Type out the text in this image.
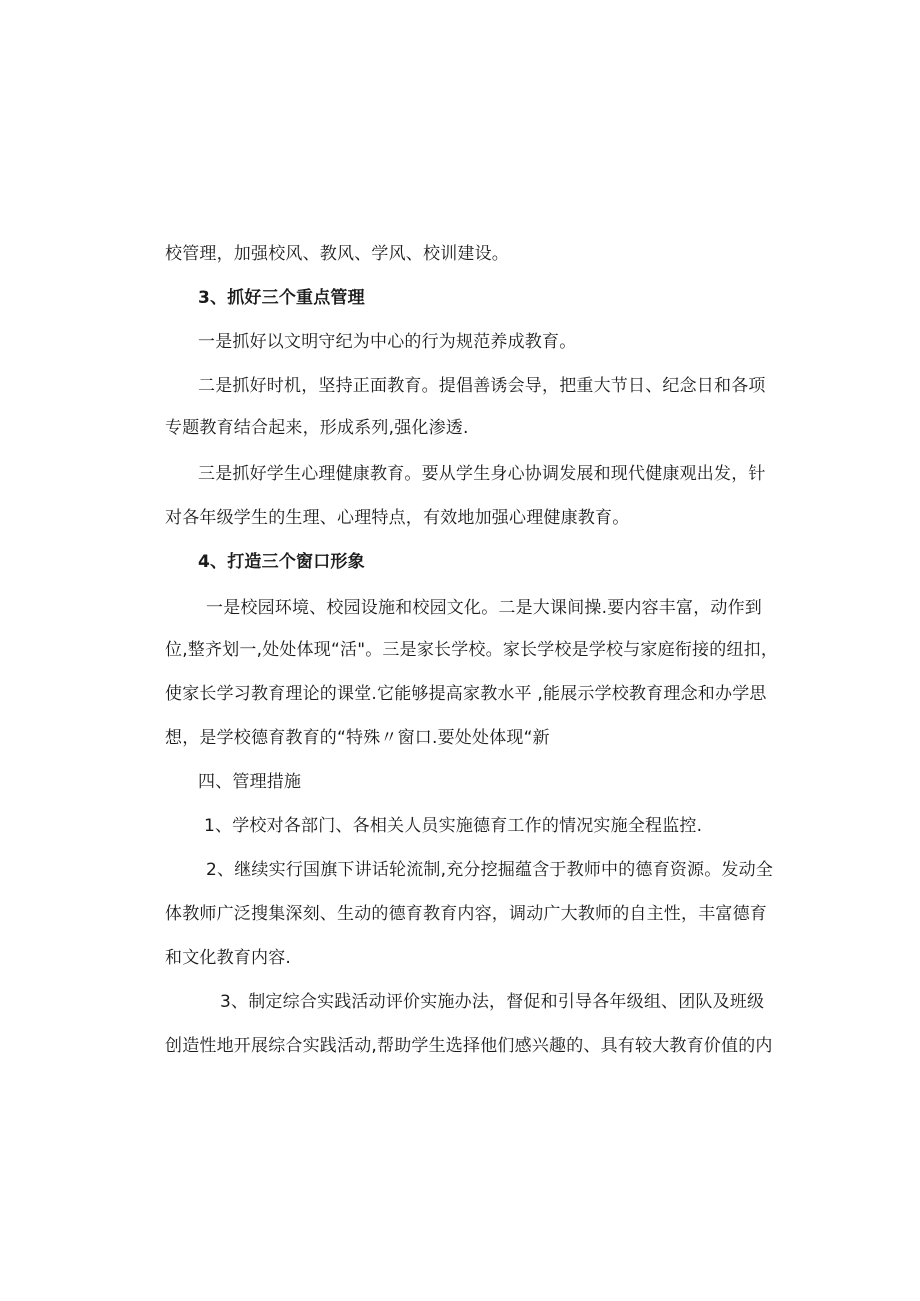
校管理，加强校风、教风、学风、校训建设。
3、抓好三个重点管理
一是抓好以文明守纪为中心的行为规范养成教育。
二是抓好时机，坚持正面教育。提倡善诱会导，把重大节日、纪念日和各项
专题教育结合起来，形成系列,强化渗透.
三是抓好学生心理健康教育。要从学生身心协调发展和现代健康观出发，针
对各年级学生的生理、心理特点，有效地加强心理健康教育。
4、打造三个窗口形象
一是校园环境、校园设施和校园文化。二是大课间操.要内容丰富，动作到
位,整齐划一,处处体现“活"。三是家长学校。家长学校是学校与家庭衔接的纽扣，
使家长学习教育理论的课堂.它能够提高家教水平 ,能展示学校教育理念和办学思
想，是学校德育教育的“特殊〃窗口.要处处体现“新
四、管理措施
1、学校对各部门、各相关人员实施德育工作的情况实施全程监控.
2、继续实行国旗下讲话轮流制,充分挖掘蕴含于教师中的德育资源。发动全
体教师广泛搜集深刻、生动的德育教育内容，调动广大教师的自主性，丰富德育
和文化教育内容.
3、制定综合实践活动评价实施办法，督促和引导各年级组、团队及班级
创造性地开展综合实践活动,帮助学生选择他们感兴趣的、具有较大教育价值的内
